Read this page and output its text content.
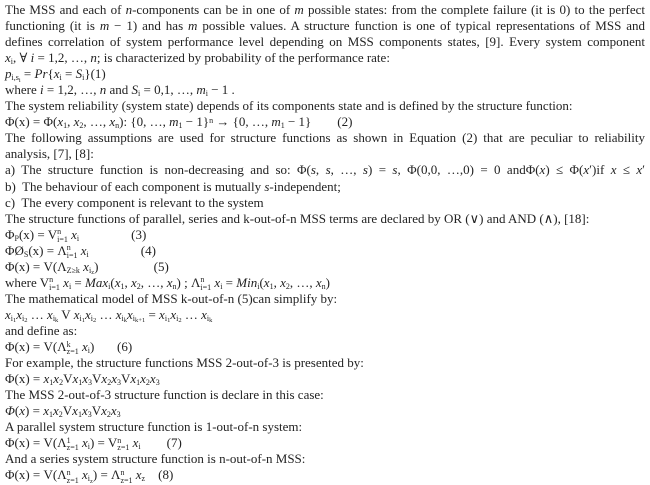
The MSS and each of n-components can be in one of m possible states: from the complete failure (it is 0) to the perfect
functioning (it is m − 1) and has m possible values. A structure function is one of typical representations of MSS and
defines correlation of system performance level depending on MSS components states, [9]. Every system component
$x_i$, ∀ i = 1,2, …, n; is characterized by probability of the performance rate:
$p_{i,s_i} = Pr\{x_i = S_i\}(1)$
where i = 1,2, …, n and $S_i = 0,1$, …, $m_i - 1$ .
The system reliability (system state) depends of its components state and is defined by the structure function:
$\Phi(x) = \Phi(x_1$, $x_2$, …, $x_n$): {0, …, $m_1 - 1\}^n \to \{0$, …, $m_1 - 1$}        (2)
The following assumptions are used for structure functions as shown in Equation (2) that are peculiar to reliability
analysis, [7], [8]:
a) The structure function is non-decreasing and so: Φ(s, s, …, s) = s, Φ(0,0, …,0) = 0 andΦ(x) ≤ Φ(x′)if x ≤ x′
b)  The behaviour of each component is mutually s-independent;
c)  The every component is relevant to the system
The structure functions of parallel, series and k-out-of-n MSS terms are declared by OR (∨) and AND (∧), [18]:
$\Phi_P(x) = V$ n
i=1 $x_i$                (3)
$\Phi Ø_S(x) = \Lambda$ n
i=1 $x_i$                (4)
$\Phi(x) = V(\Lambda_{Z\ge k}$ $x_{i_z}$)                 (5)
where V n
i=1 $x_i = Max_i(x_1$, $x_2$, …, $x_n$) ; Λ n
i=1 $x_i = Min_i(x_1$, $x_2$, …, $x_n$)
The mathematical model of MSS k-out-of-n (5)can simplify by:
$x_{i_1}x_{i_2}$ … $x_{i_k}$ V $x_{i_1}x_{i_2}$ … $x_{i_k}x_{i_{k+1}} = x_{i_1}x_{i_2}$ … $x_{i_k}$
and define as:
Φ(x) = V(Λ k
z=1 $x_i$)       (6)
For example, the structure functions MSS 2-out-of-3 is presented by:
$\Phi(x) = x_1x_2Vx_1x_3Vx_2x_3Vx_1x_2x_3$
The MSS 2-out-of-3 structure function is declare in this case:
$\Phi(x) = x_1x_2Vx_1x_3Vx_2x_3$
A parallel system structure function is 1-out-of-n system:
Φ(x) = V(Λ 1
z=1 $x_i) = V$ n
z=1 $x_i$        (7)
And a series system structure function is n-out-of-n MSS:
Φ(x) = V(Λ n
z=1 $x_{i_z}) = \Lambda$ n
z=1 $x_z$    (8)
